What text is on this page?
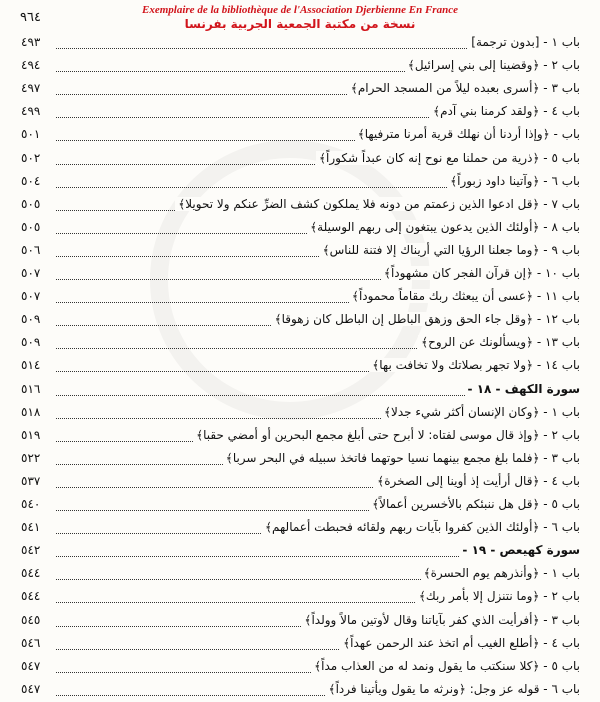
Exemplaire de la bibliothèque de l'Association Djerbienne En France
نسخة من مكتبة الجمعية الجربية بفرنسا
٩٦٤
باب ١ - [بدون ترجمة]
٤٩٣
باب ٢ - ﴿وقضينا إلى بني إسرائيل﴾
٤٩٤
باب ٣ - ﴿أسرى بعبده ليلاً من المسجد الحرام﴾
٤٩٧
باب ٤ - ﴿ولقد كرمنا بني آدم﴾
٤٩٩
باب - ﴿وإذا أردنا أن نهلك قرية أمرنا مترفيها﴾
٥٠١
باب ٥ - ﴿ذرية من حملنا مع نوح إنه كان عبداً شكوراً﴾
٥٠٢
باب ٦ - ﴿وآتينا داود زبوراً﴾
٥٠٤
باب ٧ - ﴿قل ادعوا الذين زعمتم من دونه فلا يملكون كشف الضرِّ عنكم ولا تحويلا﴾
٥٠٥
باب ٨ - ﴿أولئك الذين يدعون يبتغون إلى ربهم الوسيلة﴾
٥٠٥
باب ٩ - ﴿وما جعلنا الرؤيا التي أريناك إلا فتنة للناس﴾
٥٠٦
باب ١٠ - ﴿إن قرآن الفجر كان مشهوداً﴾
٥٠٧
باب ١١ - ﴿عسى أن يبعثك ربك مقاماً محموداً﴾
٥٠٧
باب ١٢ - ﴿وقل جاء الحق وزهق الباطل إن الباطل كان زهوقا﴾
٥٠٩
باب ١٣ - ﴿ويسألونك عن الروح﴾
٥٠٩
باب ١٤ - ﴿ولا تجهر بصلاتك ولا تخافت بها﴾
٥١٤
سورة الكهف - ١٨ -
٥١٦
باب ١ - ﴿وكان الإنسان أكثر شيء جدلا﴾
٥١٨
باب ٢ - ﴿وإذ قال موسى لفتاه: لا أبرح حتى أبلغ مجمع البحرين أو أمضي حقبا﴾
٥١٩
باب ٣ - ﴿فلما بلغ مجمع بينهما نسيا حوتهما فاتخذ سبيله في البحر سربا﴾
٥٢٢
باب ٤ - ﴿قال أرأيت إذ أوينا إلى الصخرة﴾
٥٣٧
باب ٥ - ﴿قل هل ننبئكم بالأخسرين أعمالاً﴾
٥٤٠
باب ٦ - ﴿أولئك الذين كفروا بآيات ربهم ولقائه فحبطت أعمالهم﴾
٥٤١
سورة كهيعص - ١٩ -
٥٤٢
باب ١ - ﴿وأنذرهم يوم الحسرة﴾
٥٤٤
باب ٢ - ﴿وما نتنزل إلا بأمر ربك﴾
٥٤٤
باب ٣ - ﴿أفرأيت الذي كفر بآياتنا وقال لأوتين مالاً وولداً﴾
٥٤٥
باب ٤ - ﴿أطلع الغيب أم اتخذ عند الرحمن عهداً﴾
٥٤٦
باب ٥ - ﴿كلا سنكتب ما يقول ونمد له من العذاب مداً﴾
٥٤٧
باب ٦ - قوله عز وجل: ﴿ونرثه ما يقول ويأتينا فرداً﴾
٥٤٧
